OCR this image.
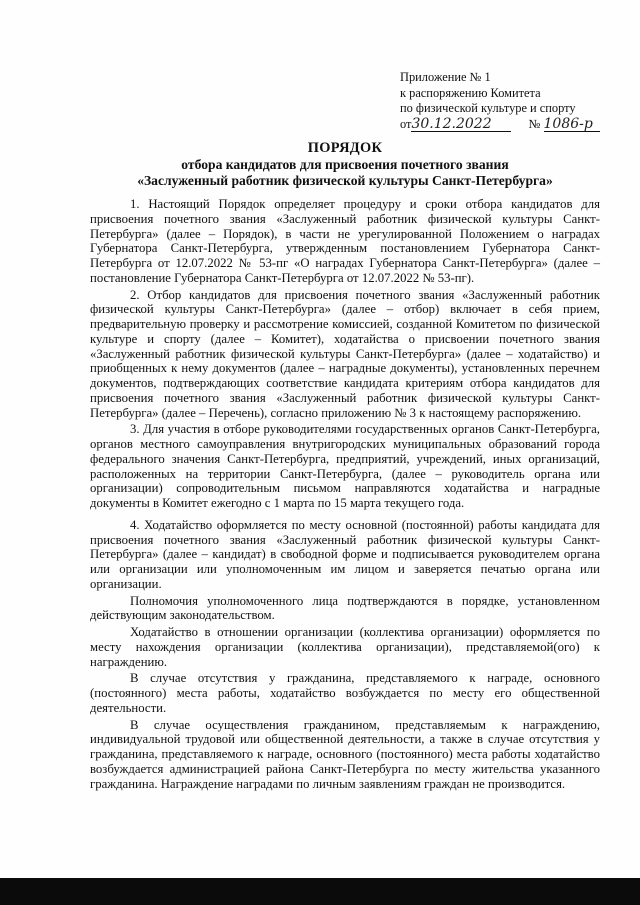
Приложение № 1
к распоряжению Комитета
по физической культуре и спорту
от30.12.2022	№ 1086-р
ПОРЯДОК
отбора кандидатов для присвоения почетного звания
«Заслуженный работник физической культуры Санкт-Петербурга»

1. Настоящий Порядок определяет процедуру и сроки отбора кандидатов для присвоения почетного звания «Заслуженный работник физической культуры Санкт-Петербурга» (далее – Порядок), в части не урегулированной Положением о наградах Губернатора Санкт-Петербурга, утвержденным постановлением Губернатора Санкт-Петербурга от 12.07.2022 № 53-пг «О наградах Губернатора Санкт-Петербурга» (далее – постановление Губернатора Санкт-Петербурга от 12.07.2022 № 53-пг).

2. Отбор кандидатов для присвоения почетного звания «Заслуженный работник физической культуры Санкт-Петербурга» (далее – отбор) включает в себя прием, предварительную проверку и рассмотрение комиссией, созданной Комитетом по физической культуре и спорту (далее – Комитет), ходатайства о присвоении почетного звания «Заслуженный работник физической культуры Санкт-Петербурга» (далее – ходатайство) и приобщенных к нему документов (далее – наградные документы), установленных перечнем документов, подтверждающих соответствие кандидата критериям отбора кандидатов для присвоения почетного звания «Заслуженный работник физической культуры Санкт-Петербурга» (далее – Перечень), согласно приложению № 3 к настоящему распоряжению.

3. Для участия в отборе руководителями государственных органов Санкт-Петербурга, органов местного самоуправления внутригородских муниципальных образований города федерального значения Санкт-Петербурга, предприятий, учреждений, иных организаций, расположенных на территории Санкт-Петербурга, (далее – руководитель органа или организации) сопроводительным письмом направляются ходатайства и наградные документы в Комитет ежегодно с 1 марта по 15 марта текущего года.

4. Ходатайство оформляется по месту основной (постоянной) работы кандидата для присвоения почетного звания «Заслуженный работник физической культуры Санкт-Петербурга» (далее – кандидат) в свободной форме и подписывается руководителем органа или организации или уполномоченным им лицом и заверяется печатью органа или организации.

Полномочия уполномоченного лица подтверждаются в порядке, установленном действующим законодательством.

Ходатайство в отношении организации (коллектива организации) оформляется по месту нахождения организации (коллектива организации), представляемой(ого) к награждению.

В случае отсутствия у гражданина, представляемого к награде, основного (постоянного) места работы, ходатайство возбуждается по месту его общественной деятельности.

В случае осуществления гражданином, представляемым к награждению, индивидуальной трудовой или общественной деятельности, а также в случае отсутствия у гражданина, представляемого к награде, основного (постоянного) места работы ходатайство возбуждается администрацией района Санкт-Петербурга по месту жительства указанного гражданина. Награждение наградами по личным заявлениям граждан не производится.
